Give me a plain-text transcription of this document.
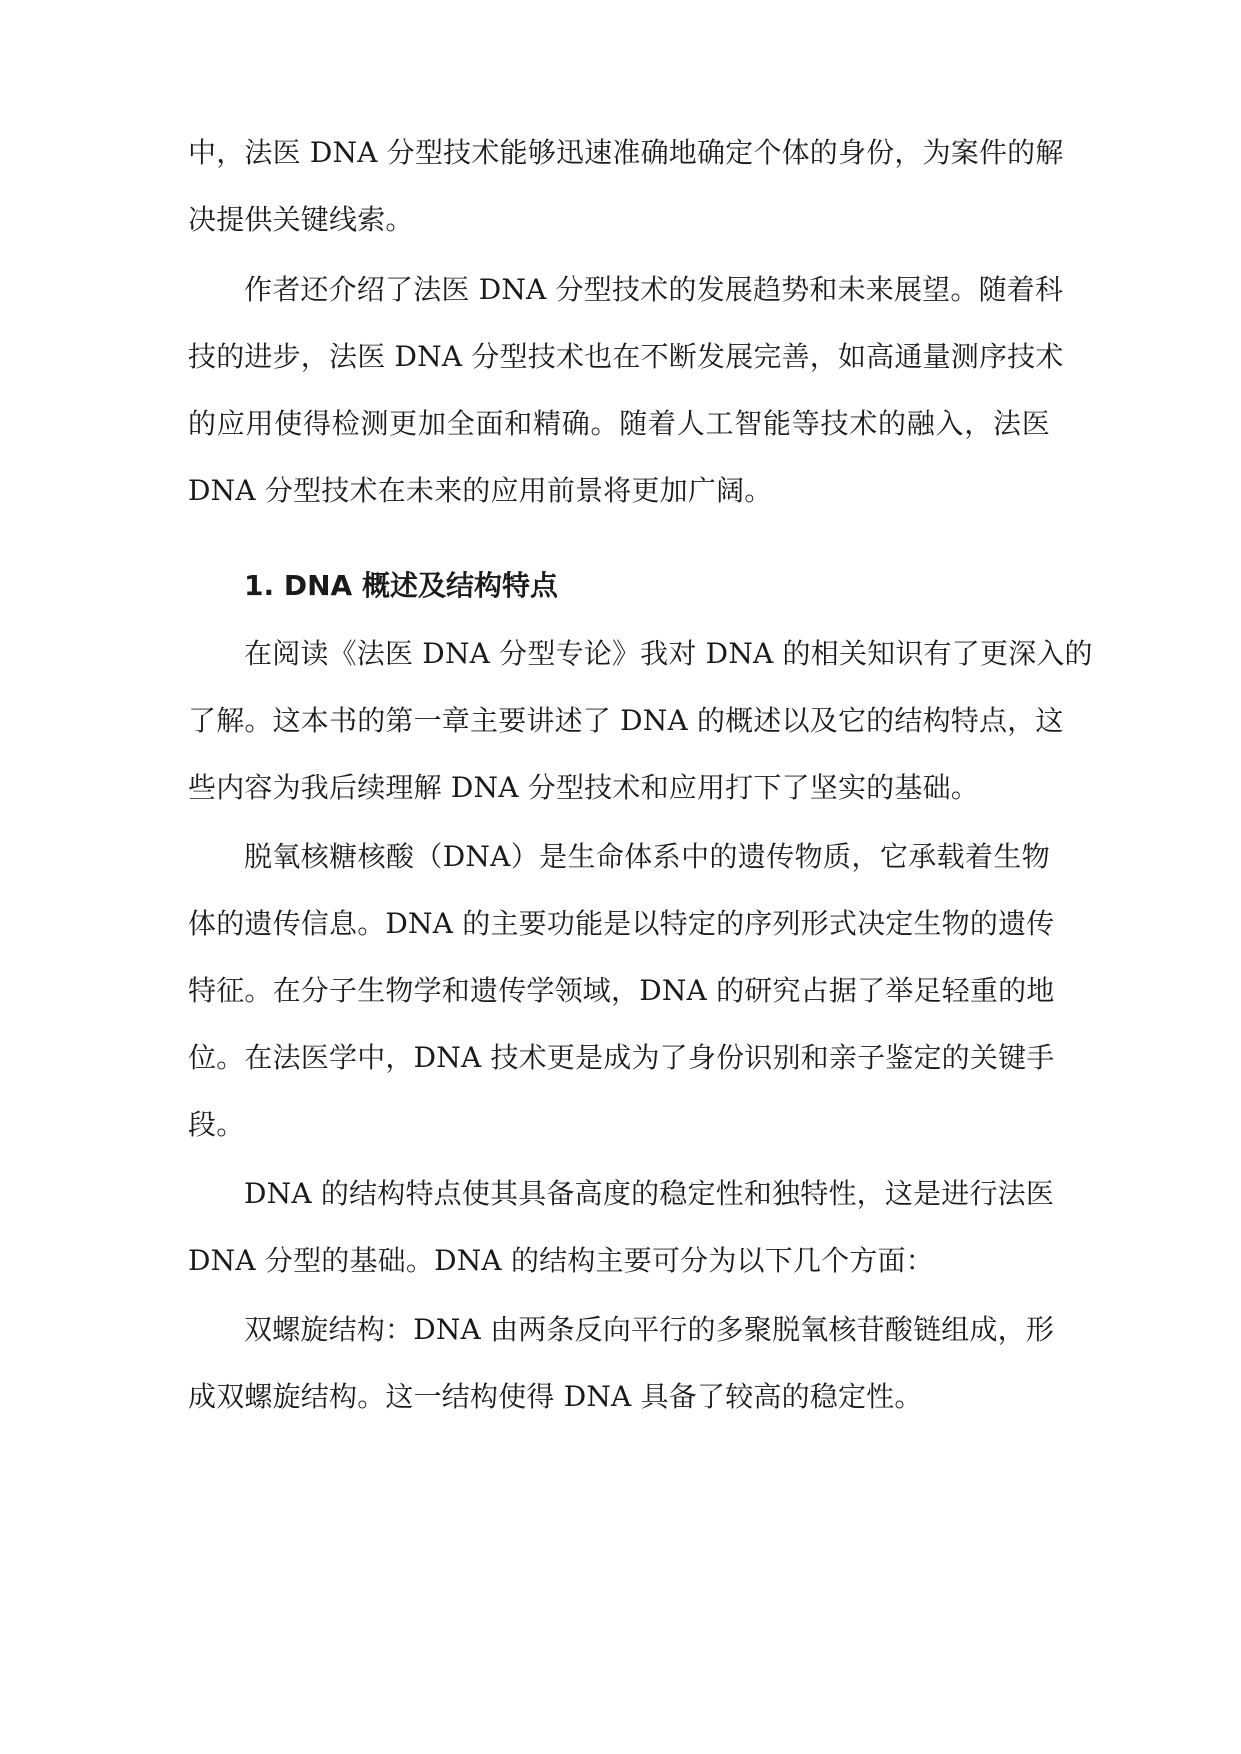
中，法医 DNA 分型技术能够迅速准确地确定个体的身份，为案件的解
决提供关键线索。
作者还介绍了法医 DNA 分型技术的发展趋势和未来展望。随着科
技的进步，法医 DNA 分型技术也在不断发展完善，如高通量测序技术
的应用使得检测更加全面和精确。随着人工智能等技术的融入，法医
DNA 分型技术在未来的应用前景将更加广阔。
1. DNA 概述及结构特点
在阅读《法医 DNA 分型专论》我对 DNA 的相关知识有了更深入的
了解。这本书的第一章主要讲述了 DNA 的概述以及它的结构特点，这
些内容为我后续理解 DNA 分型技术和应用打下了坚实的基础。
脱氧核糖核酸（DNA）是生命体系中的遗传物质，它承载着生物
体的遗传信息。DNA 的主要功能是以特定的序列形式决定生物的遗传
特征。在分子生物学和遗传学领域，DNA 的研究占据了举足轻重的地
位。在法医学中，DNA 技术更是成为了身份识别和亲子鉴定的关键手
段。
DNA 的结构特点使其具备高度的稳定性和独特性，这是进行法医
DNA 分型的基础。DNA 的结构主要可分为以下几个方面：
双螺旋结构：DNA 由两条反向平行的多聚脱氧核苷酸链组成，形
成双螺旋结构。这一结构使得 DNA 具备了较高的稳定性。
